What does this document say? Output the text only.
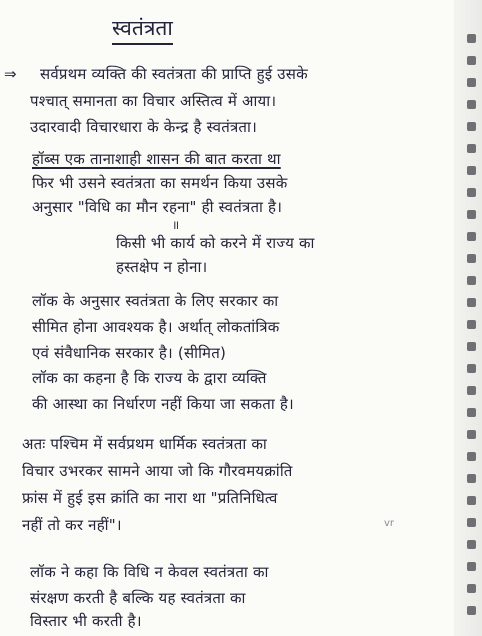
स्वतंत्रता
⇒ सर्वप्रथम व्यक्ति की स्वतंत्रता की प्राप्ति हुई उसके
पश्चात् समानता का विचार अस्तित्व में आया।
उदारवादी विचारधारा के केन्द्र है स्वतंत्रता।
हॉब्स एक तानाशाही शासन की बात करता था
फिर भी उसने स्वतंत्रता का समर्थन किया उसके
अनुसार "विधि का मौन रहना" ही स्वतंत्रता है।
॥
किसी भी कार्य को करने में राज्य का
हस्तक्षेप न होना।
लॉक के अनुसार स्वतंत्रता के लिए सरकार का
सीमित होना आवश्यक है। अर्थात् लोकतांत्रिक
एवं संवैधानिक सरकार है। (सीमित)
लॉक का कहना है कि राज्य के द्वारा व्यक्ति
की आस्था का निर्धारण नहीं किया जा सकता है।
अतः पश्चिम में सर्वप्रथम धार्मिक स्वतंत्रता का
विचार उभरकर सामने आया जो कि गौरवमयक्रांति
फ्रांस में हुई इस क्रांति का नारा था "प्रतिनिधित्व
नहीं तो कर नहीं"।	vr
लॉक ने कहा कि विधि न केवल स्वतंत्रता का
संरक्षण करती है बल्कि यह स्वतंत्रता का
विस्तार भी करती है।
